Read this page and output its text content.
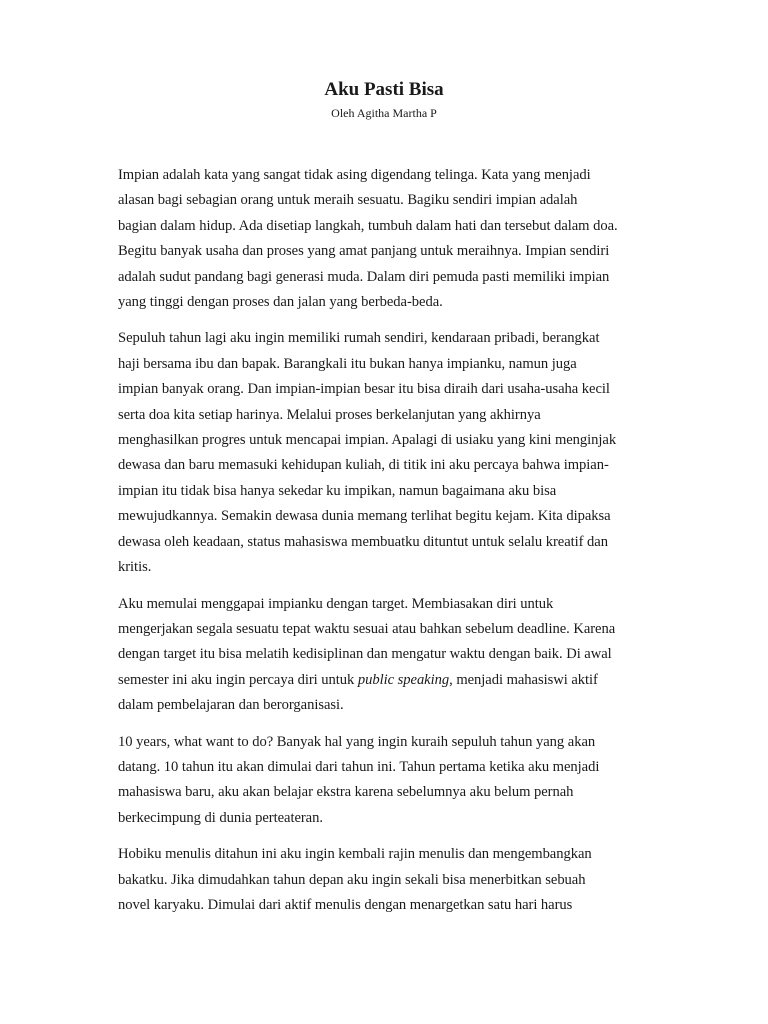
Aku Pasti Bisa

Oleh Agitha Martha P

Impian adalah kata yang sangat tidak asing digendang telinga. Kata yang menjadi
alasan bagi sebagian orang untuk meraih sesuatu. Bagiku sendiri impian adalah
bagian dalam hidup. Ada disetiap langkah, tumbuh dalam hati dan tersebut dalam doa.
Begitu banyak usaha dan proses yang amat panjang untuk meraihnya. Impian sendiri
adalah sudut pandang bagi generasi muda. Dalam diri pemuda pasti memiliki impian
yang tinggi dengan proses dan jalan yang berbeda-beda.

Sepuluh tahun lagi aku ingin memiliki rumah sendiri, kendaraan pribadi, berangkat
haji bersama ibu dan bapak. Barangkali itu bukan hanya impianku, namun juga
impian banyak orang. Dan impian-impian besar itu bisa diraih dari usaha-usaha kecil
serta doa kita setiap harinya. Melalui proses berkelanjutan yang akhirnya
menghasilkan progres untuk mencapai impian. Apalagi di usiaku yang kini menginjak
dewasa dan baru memasuki kehidupan kuliah, di titik ini aku percaya bahwa impian-
impian itu tidak bisa hanya sekedar ku impikan, namun bagaimana aku bisa
mewujudkannya. Semakin dewasa dunia memang terlihat begitu kejam. Kita dipaksa
dewasa oleh keadaan, status mahasiswa membuatku dituntut untuk selalu kreatif dan
kritis.

Aku memulai menggapai impianku dengan target. Membiasakan diri untuk
mengerjakan segala sesuatu tepat waktu sesuai atau bahkan sebelum deadline. Karena
dengan target itu bisa melatih kedisiplinan dan mengatur waktu dengan baik. Di awal
semester ini aku ingin percaya diri untuk public speaking, menjadi mahasiswi aktif
dalam pembelajaran dan berorganisasi.

10 years, what want to do? Banyak hal yang ingin kuraih sepuluh tahun yang akan
datang. 10 tahun itu akan dimulai dari tahun ini. Tahun pertama ketika aku menjadi
mahasiswa baru, aku akan belajar ekstra karena sebelumnya aku belum pernah
berkecimpung di dunia perteateran.

Hobiku menulis ditahun ini aku ingin kembali rajin menulis dan mengembangkan
bakatku. Jika dimudahkan tahun depan aku ingin sekali bisa menerbitkan sebuah
novel karyaku. Dimulai dari aktif menulis dengan menargetkan satu hari harus
